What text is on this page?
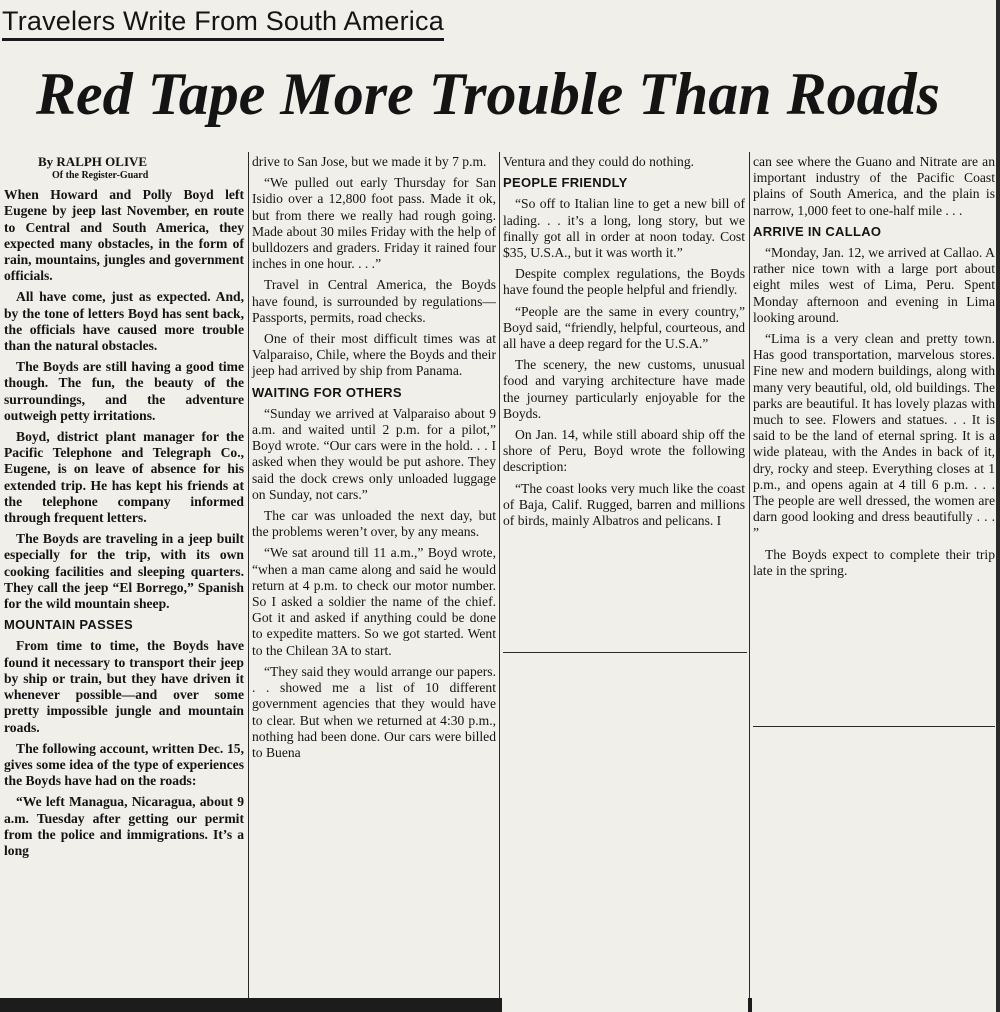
Travelers Write From South America
Red Tape More Trouble Than Roads

By RALPH OLIVE
Of the Register-Guard

When Howard and Polly Boyd left Eugene by jeep last November, en route to Central and South America, they expected many obstacles, in the form of rain, mountains, jungles and government officials.

All have come, just as expected. And, by the tone of letters Boyd has sent back, the officials have caused more trouble than the natural obstacles.

The Boyds are still having a good time though. The fun, the beauty of the surroundings, and the adventure outweigh petty irritations.

Boyd, district plant manager for the Pacific Telephone and Telegraph Co., Eugene, is on leave of absence for his extended trip. He has kept his friends at the telephone company informed through frequent letters.

The Boyds are traveling in a jeep built especially for the trip, with its own cooking facilities and sleeping quarters. They call the jeep “El Borrego,” Spanish for the wild mountain sheep.

MOUNTAIN PASSES

From time to time, the Boyds have found it necessary to transport their jeep by ship or train, but they have driven it whenever possible—and over some pretty impossible jungle and mountain roads.

The following account, written Dec. 15, gives some idea of the type of experiences the Boyds have had on the roads:

“We left Managua, Nicaragua, about 9 a.m. Tuesday after getting our permit from the police and immigrations. It’s a long

drive to San Jose, but we made it by 7 p.m.

“We pulled out early Thursday for San Isidio over a 12,800 foot pass. Made it ok, but from there we really had rough going. Made about 30 miles Friday with the help of bulldozers and graders. Friday it rained four inches in one hour. . . .”

Travel in Central America, the Boyds have found, is surrounded by regulations—Passports, permits, road checks.

One of their most difficult times was at Valparaiso, Chile, where the Boyds and their jeep had arrived by ship from Panama.

WAITING FOR OTHERS

“Sunday we arrived at Valparaiso about 9 a.m. and waited until 2 p.m. for a pilot,” Boyd wrote. “Our cars were in the hold. . . I asked when they would be put ashore. They said the dock crews only unloaded luggage on Sunday, not cars.”

The car was unloaded the next day, but the problems weren’t over, by any means.

“We sat around till 11 a.m.,” Boyd wrote, “when a man came along and said he would return at 4 p.m. to check our motor number. So I asked a soldier the name of the chief. Got it and asked if anything could be done to expedite matters. So we got started. Went to the Chilean 3A to start.

“They said they would arrange our papers. . . showed me a list of 10 different government agencies that they would have to clear. But when we returned at 4:30 p.m., nothing had been done. Our cars were billed to Buena

Ventura and they could do nothing.

PEOPLE FRIENDLY

“So off to Italian line to get a new bill of lading. . . it’s a long, long story, but we finally got all in order at noon today. Cost $35, U.S.A., but it was worth it.”

Despite complex regulations, the Boyds have found the people helpful and friendly.

“People are the same in every country,” Boyd said, “friendly, helpful, courteous, and all have a deep regard for the U.S.A.”

The scenery, the new customs, unusual food and varying architecture have made the journey particularly enjoyable for the Boyds.

On Jan. 14, while still aboard ship off the shore of Peru, Boyd wrote the following description:

“The coast looks very much like the coast of Baja, Calif. Rugged, barren and millions of birds, mainly Albatros and pelicans. I

can see where the Guano and Nitrate are an important industry of the Pacific Coast plains of South America, and the plain is narrow, 1,000 feet to one-half mile . . .

ARRIVE IN CALLAO

“Monday, Jan. 12, we arrived at Callao. A rather nice town with a large port about eight miles west of Lima, Peru. Spent Monday afternoon and evening in Lima looking around.

“Lima is a very clean and pretty town. Has good transportation, marvelous stores. Fine new and modern buildings, along with many very beautiful, old, old buildings. The parks are beautiful. It has lovely plazas with much to see. Flowers and statues. . . It is said to be the land of eternal spring. It is a wide plateau, with the Andes in back of it, dry, rocky and steep. Everything closes at 1 p.m., and opens again at 4 till 6 p.m. . . . The people are well dressed, the women are darn good looking and dress beautifully . . . ”

The Boyds expect to complete their trip late in the spring.
